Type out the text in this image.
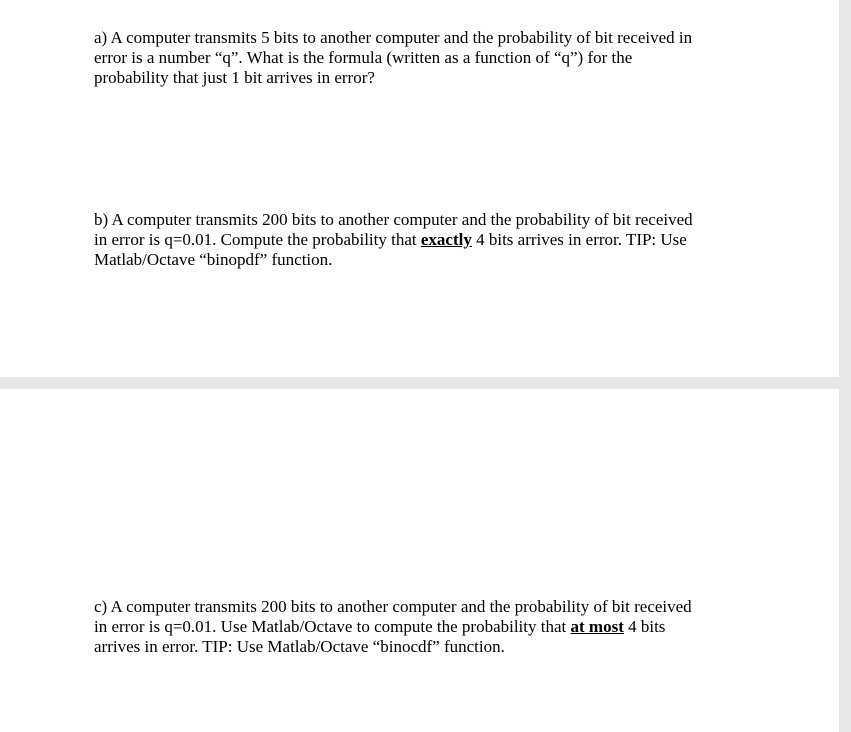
a) A computer transmits 5 bits to another computer and the probability of bit received in
error is a number “q”. What is the formula (written as a function of “q”) for the
probability that just 1 bit arrives in error?

b) A computer transmits 200 bits to another computer and the probability of bit received
in error is q=0.01. Compute the probability that exactly 4 bits arrives in error. TIP: Use
Matlab/Octave “binopdf” function.

c) A computer transmits 200 bits to another computer and the probability of bit received
in error is q=0.01. Use Matlab/Octave to compute the probability that at most 4 bits
arrives in error. TIP: Use Matlab/Octave “binocdf” function.
